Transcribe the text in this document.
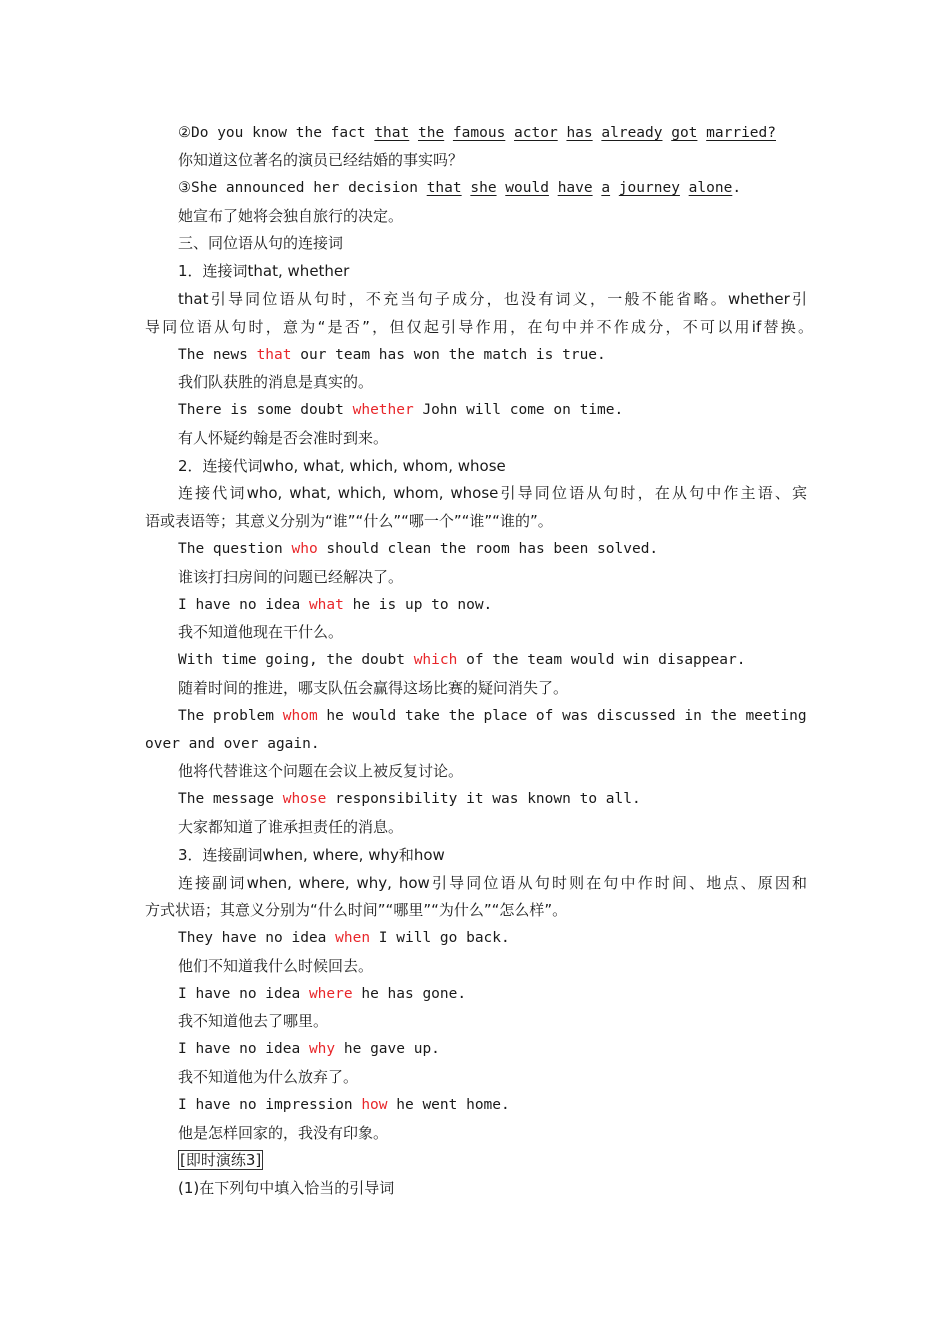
②Do you know the fact that the famous actor has already got married?
你知道这位著名的演员已经结婚的事实吗？
③She announced her decision that she would have a journey alone.
她宣布了她将会独自旅行的决定。
三、同位语从句的连接词
1．连接词that, whether
that引导同位语从句时，不充当句子成分，也没有词义，一般不能省略。whether引
导同位语从句时，意为“是否”，但仅起引导作用，在句中并不作成分，不可以用if替换。
The news that our team has won the match is true.
我们队获胜的消息是真实的。
There is some doubt whether John will come on time.
有人怀疑约翰是否会准时到来。
2．连接代词who, what, which, whom, whose
连接代词who, what, which, whom, whose引导同位语从句时，在从句中作主语、宾
语或表语等；其意义分别为“谁”“什么”“哪一个”“谁”“谁的”。
The question who should clean the room has been solved.
谁该打扫房间的问题已经解决了。
I have no idea what he is up to now.
我不知道他现在干什么。
With time going, the doubt which of the team would win disappear.
随着时间的推进，哪支队伍会赢得这场比赛的疑问消失了。
The problem whom he would take the place of was discussed in the meeting
over and over again.
他将代替谁这个问题在会议上被反复讨论。
The message whose responsibility it was known to all.
大家都知道了谁承担责任的消息。
3．连接副词when, where, why和how
连接副词when, where, why, how引导同位语从句时则在句中作时间、地点、原因和
方式状语；其意义分别为“什么时间”“哪里”“为什么”“怎么样”。
They have no idea when I will go back.
他们不知道我什么时候回去。
I have no idea where he has gone.
我不知道他去了哪里。
I have no idea why he gave up.
我不知道他为什么放弃了。
I have no impression how he went home.
他是怎样回家的，我没有印象。
[即时演练3]
(1)在下列句中填入恰当的引导词
